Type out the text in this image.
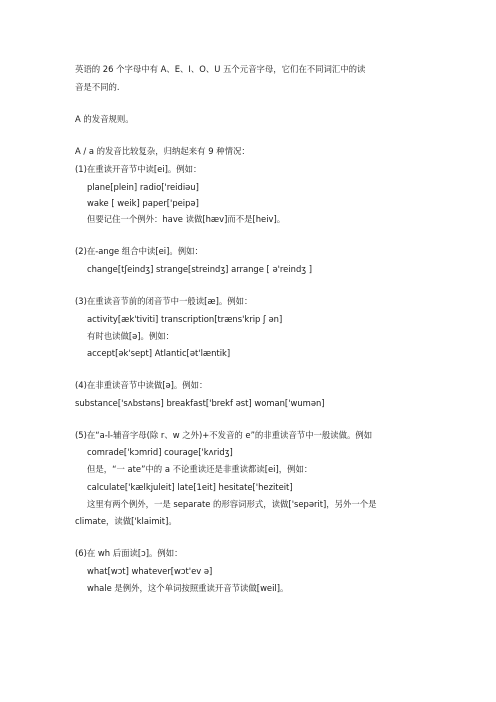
英语的 26 个字母中有 A、E、I、O、U 五个元音字母，它们在不同词汇中的读
音是不同的.
A 的发音规则。
A / a 的发音比较复杂，归纳起来有 9 种情况：
(1)在重读开音节中读[ei]。例如：
plane[plein] radio['reidiəu]
wake [ weik] paper['peipə]
但要记住一个例外：have 读做[hæv]而不是[heiv]。
(2)在-ange 组合中读[ei]。例如：
change[tʃeindʒ] strange[streindʒ] arrange [ ə'reindʒ ]
(3)在重读音节前的闭音节中一般读[æ]。例如：
activity[æk'tiviti] transcription[træns'krip ʃ ən]
有时也读做[ə]。例如：
accept[ək'sept] Atlantic[ət'læntik]
(4)在非重读音节中读做[ə]。例如：
substance['sʌbstəns] breakfast['brekf əst] woman['wumən]
(5)在“a-l-辅音字母(除 r、w 之外)+不发音的 e”的非重读音节中一般读做。例如
comrade['kɔmrid] courage['kʌridʒ]
但是，“一 ate”中的 a 不论重读还是非重读都读[ei]，例如：
calculate['kælkjuleit] late[1eit] hesitate['heziteit]
这里有两个例外，一是 separate 的形容词形式，读做['sepərit]，另外一个是
climate，读做['klaimit]。
(6)在 wh 后面读[ɔ]。例如：
what[wɔt] whatever[wɔt'ev ə]
whale 是例外，这个单词按照重读开音节读做[weil]。
